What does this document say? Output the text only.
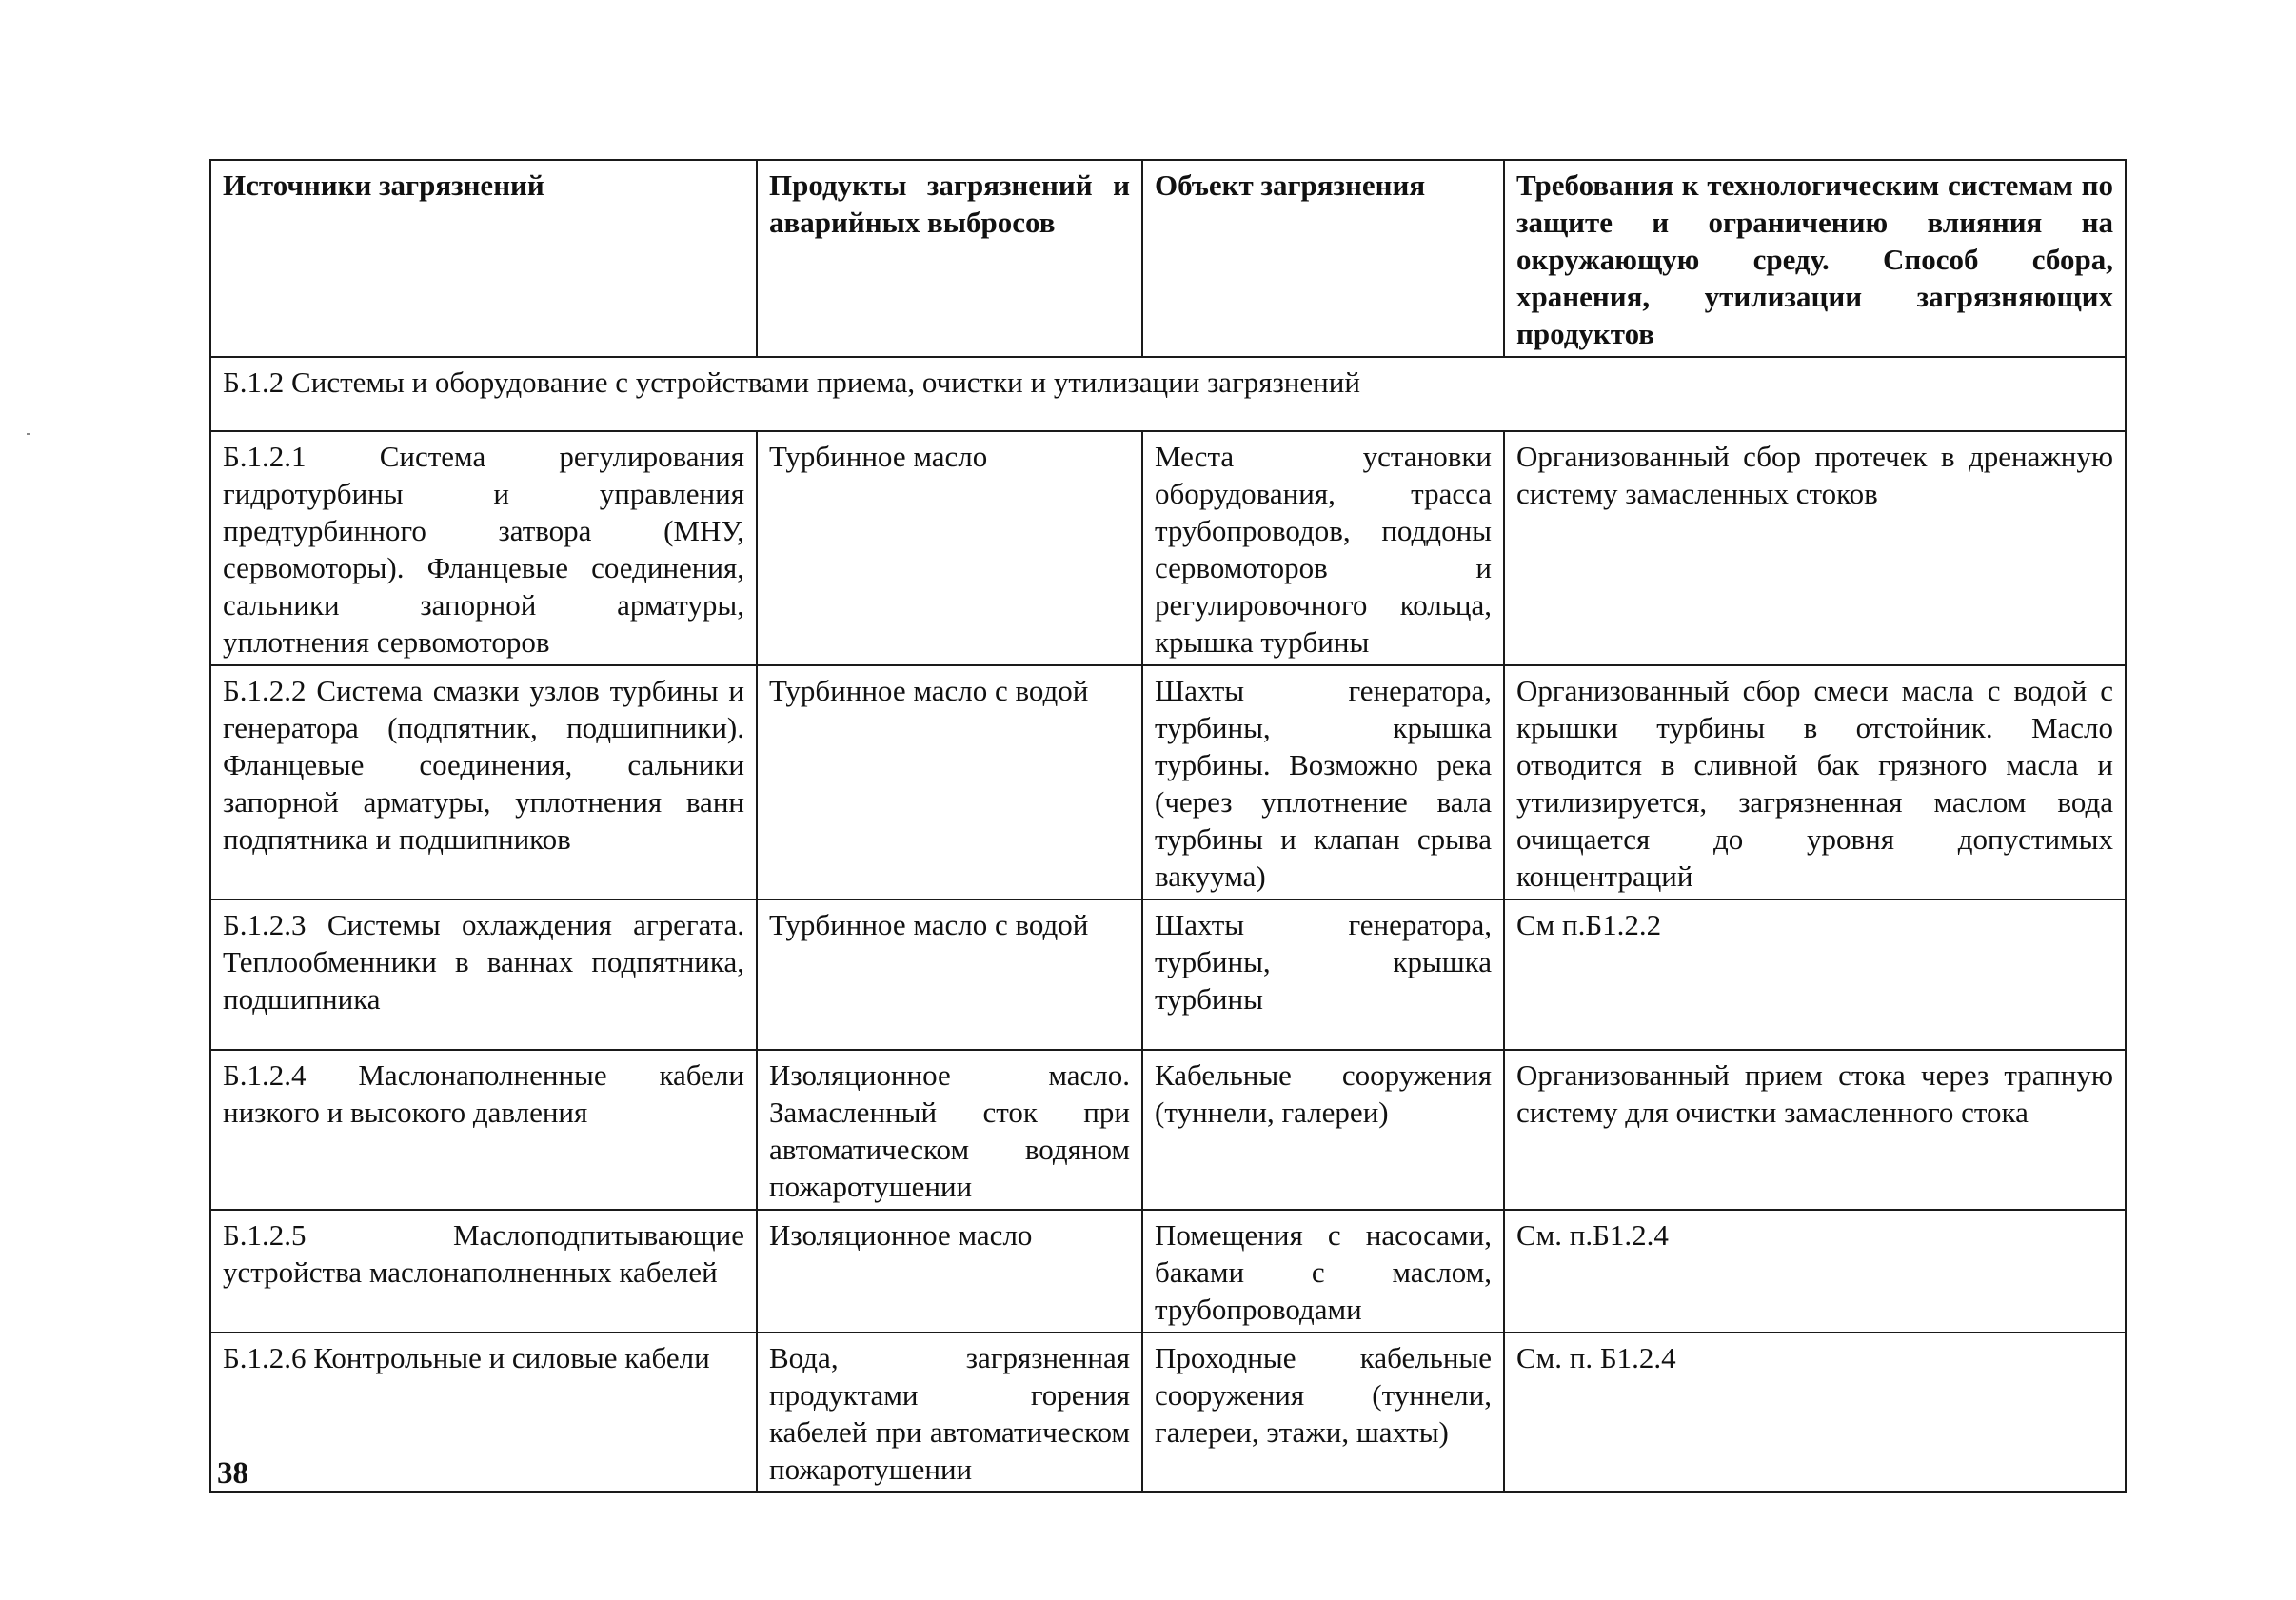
Источники загрязнений	Продукты загрязнений и аварийных выбросов	Объект загрязнения	Требования к технологическим системам по защите и ограничению влияния на окружающую среду. Способ сбора, хранения, утилизации загрязняющих продуктов
Б.1.2 Системы и оборудование с устройствами приема, очистки и утилизации загрязнений			
Б.1.2.1 Система регулирования гидротурбины и управления предтурбинного затвора (МНУ, сервомоторы). Фланцевые соединения, сальники запорной арматуры, уплотнения сервомоторов	Турбинное масло	Места установки оборудования, трасса трубопроводов, поддоны сервомоторов и регулировочного кольца, крышка турбины	Организованный сбор протечек в дренажную систему замасленных стоков
Б.1.2.2 Система смазки узлов турбины и генератора (подпятник, подшипники). Фланцевые соединения, сальники запорной арматуры, уплотнения ванн подпятника и подшипников	Турбинное масло с водой	Шахты генератора, турбины, крышка турбины. Возможно река (через уплотнение вала турбины и клапан срыва вакуума)	Организованный сбор смеси масла с водой с крышки турбины в отстойник. Масло отводится в сливной бак грязного масла и утилизируется, загрязненная маслом вода очищается до уровня допустимых концентраций
Б.1.2.3 Системы охлаждения агрегата. Теплообменники в ваннах подпятника, подшипника	Турбинное масло с водой	Шахты генератора, турбины, крышка турбины	См п.Б1.2.2
Б.1.2.4 Маслонаполненные кабели низкого и высокого давления	Изоляционное масло. Замасленный сток при автоматическом водяном пожаротушении	Кабельные сооружения (туннели, галереи)	Организованный прием стока через трапную систему для очистки замасленного стока
Б.1.2.5 Маслоподпитывающие устройства маслонаполненных кабелей	Изоляционное масло	Помещения с насосами, баками с маслом, трубопроводами	См. п.Б1.2.4
Б.1.2.6 Контрольные и силовые кабели	Вода, загрязненная продуктами горения кабелей при автоматическом пожаротушении	Проходные кабельные сооружения (туннели, галереи, этажи, шахты)	См. п. Б1.2.4
38
